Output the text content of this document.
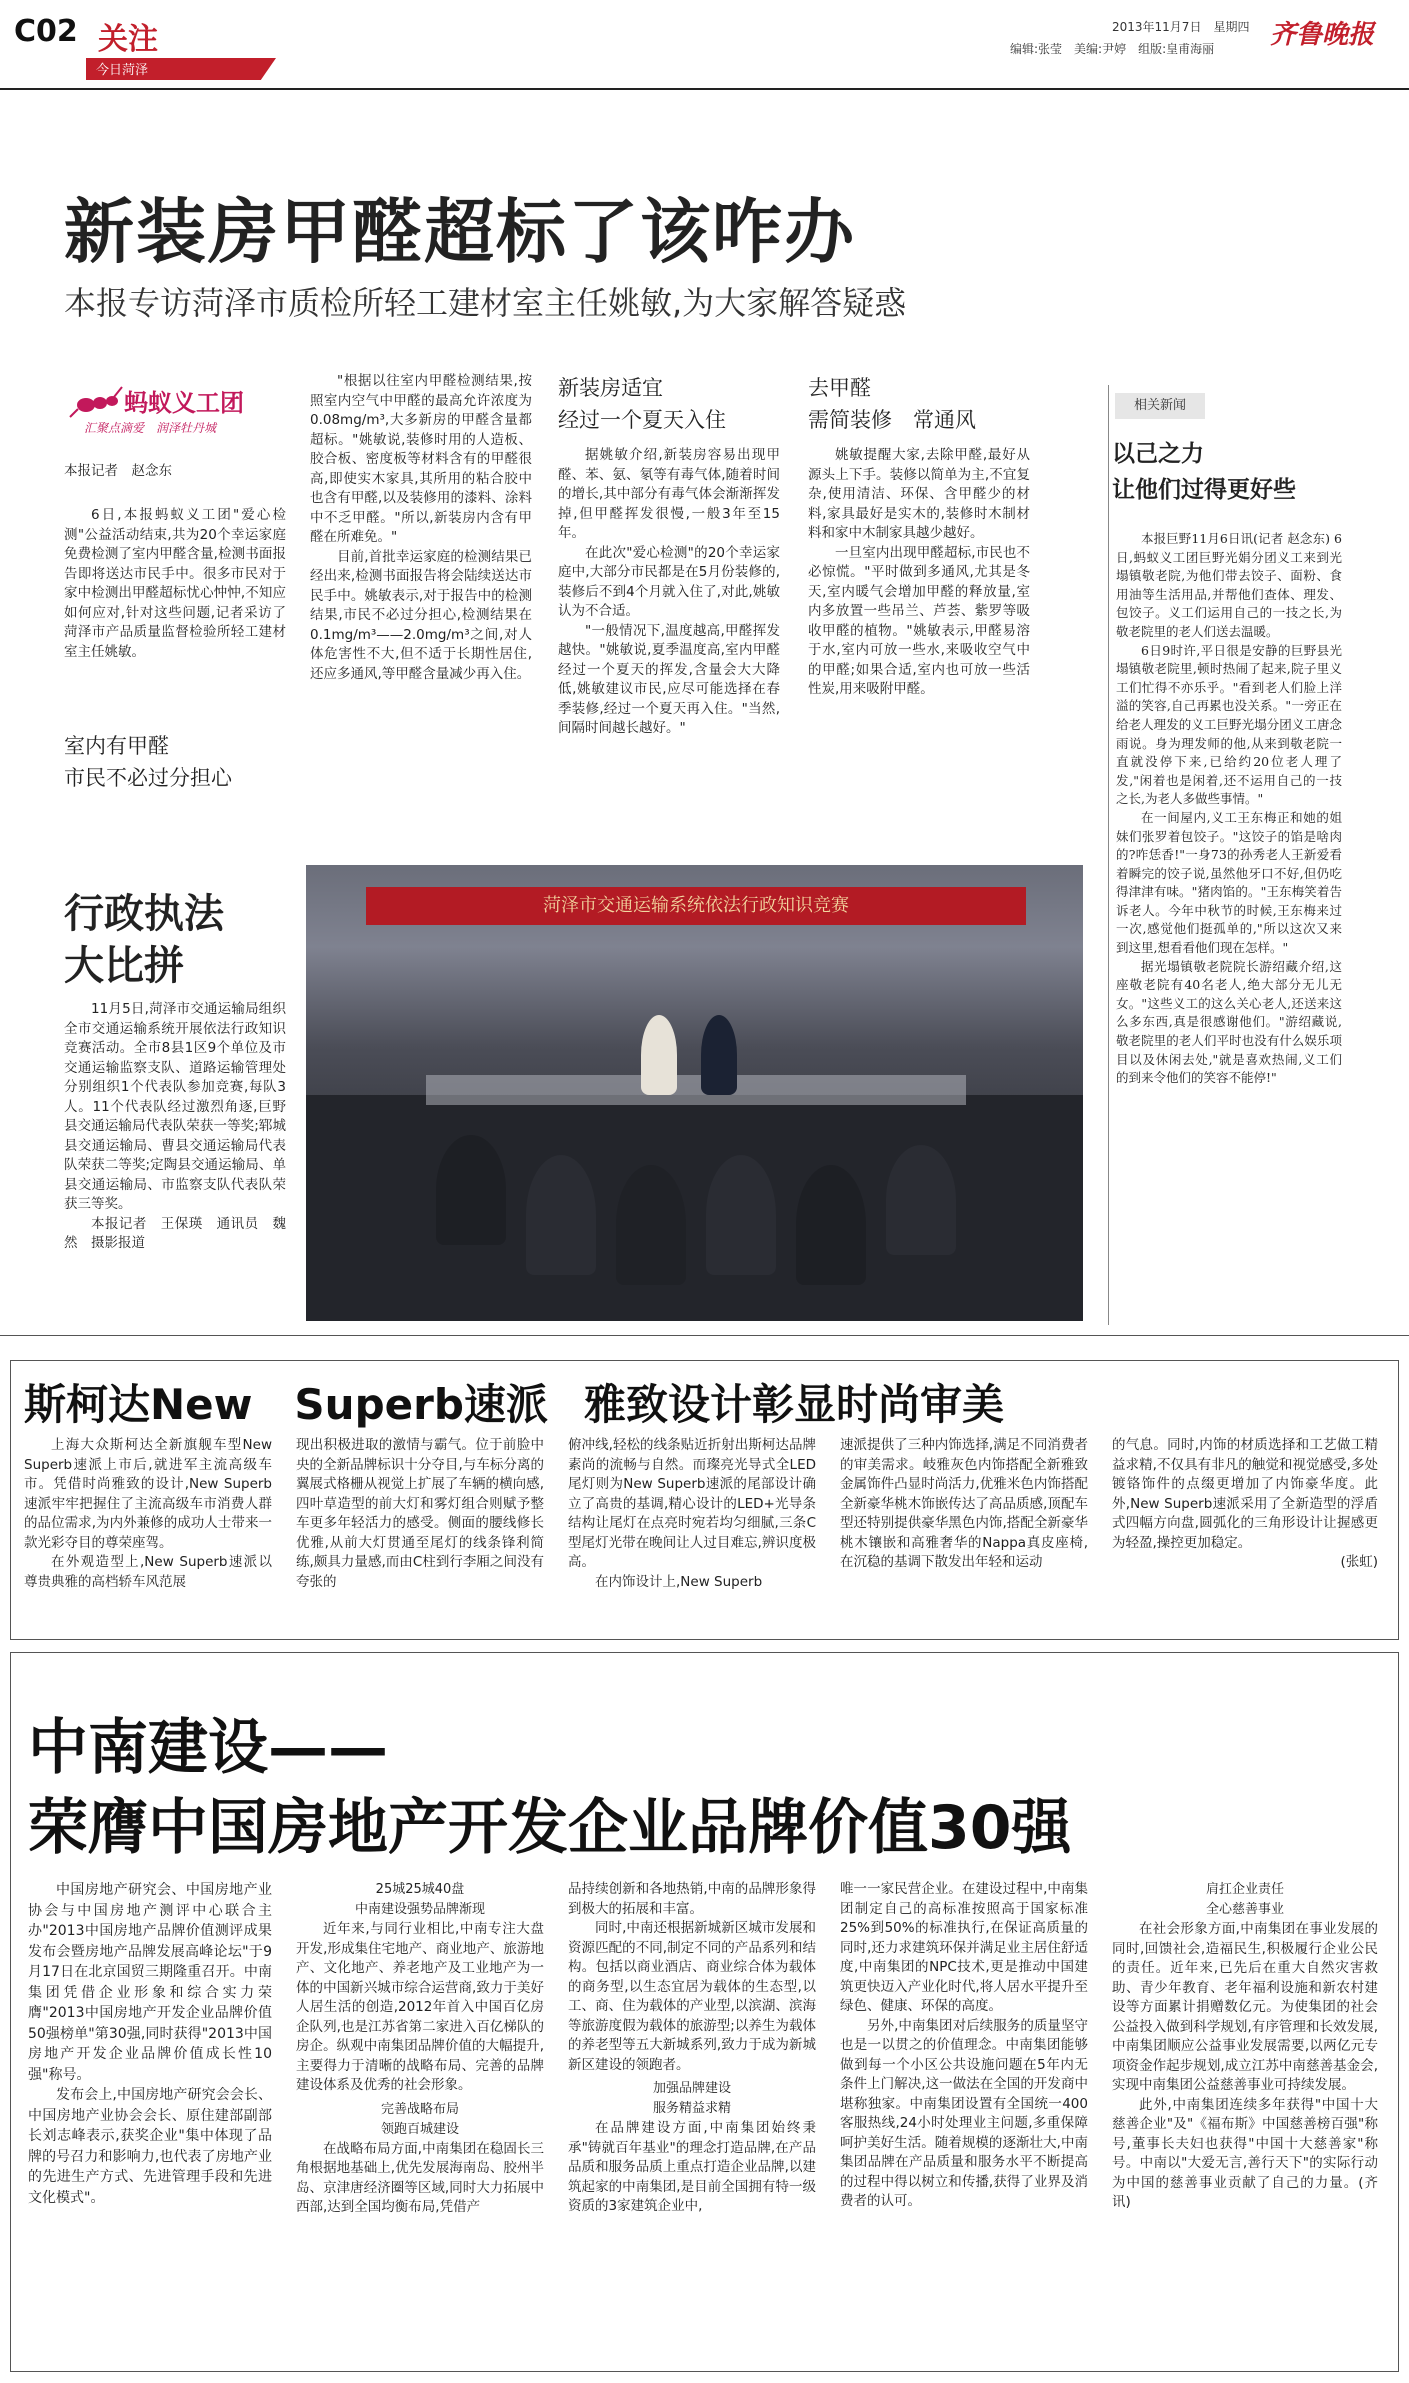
C02 关注
今日菏泽
2013年11月7日　星期四
编辑:张莹　美编:尹婷　组版:皇甫海丽 齐鲁晚报
新装房甲醛超标了该咋办
本报专访菏泽市质检所轻工建材室主任姚敏,为大家解答疑惑
蚂蚁义工团
汇聚点滴爱　润泽牡丹城
本报记者　赵念东

6日,本报蚂蚁义工团"爱心检测"公益活动结束,共为20个幸运家庭免费检测了室内甲醛含量,检测书面报告即将送达市民手中。很多市民对于家中检测出甲醛超标忧心忡忡,不知应如何应对,针对这些问题,记者采访了菏泽市产品质量监督检验所轻工建材室主任姚敏。

室内有甲醛
市民不必过分担心

"根据以往室内甲醛检测结果,按照室内空气中甲醛的最高允许浓度为0.08mg/m³,大多新房的甲醛含量都超标。"姚敏说,装修时用的人造板、胶合板、密度板等材料含有的甲醛很高,即使实木家具,其所用的粘合胶中也含有甲醛,以及装修用的漆料、涂料中不乏甲醛。"所以,新装房内含有甲醛在所难免。"

目前,首批幸运家庭的检测结果已经出来,检测书面报告将会陆续送达市民手中。姚敏表示,对于报告中的检测结果,市民不必过分担心,检测结果在0.1mg/m³——2.0mg/m³之间,对人体危害性不大,但不适于长期性居住,还应多通风,等甲醛含量减少再入住。

新装房适宜
经过一个夏天入住

据姚敏介绍,新装房容易出现甲醛、苯、氨、氡等有毒气体,随着时间的增长,其中部分有毒气体会渐渐挥发掉,但甲醛挥发很慢,一般3年至15年。

在此次"爱心检测"的20个幸运家庭中,大部分市民都是在5月份装修的,装修后不到4个月就入住了,对此,姚敏认为不合适。

"一般情况下,温度越高,甲醛挥发越快。"姚敏说,夏季温度高,室内甲醛经过一个夏天的挥发,含量会大大降低,姚敏建议市民,应尽可能选择在春季装修,经过一个夏天再入住。"当然,间隔时间越长越好。"

去甲醛
需简装修　常通风

姚敏提醒大家,去除甲醛,最好从源头上下手。装修以简单为主,不宜复杂,使用清洁、环保、含甲醛少的材料,家具最好是实木的,装修时木制材料和家中木制家具越少越好。

一旦室内出现甲醛超标,市民也不必惊慌。"平时做到多通风,尤其是冬天,室内暖气会增加甲醛的释放量,室内多放置一些吊兰、芦荟、紫罗等吸收甲醛的植物。"姚敏表示,甲醛易溶于水,室内可放一些水,来吸收空气中的甲醛;如果合适,室内也可放一些活性炭,用来吸附甲醛。

相关新闻
以己之力
让他们过得更好些

本报巨野11月6日讯(记者 赵念东) 6日,蚂蚁义工团巨野光娟分团义工来到光塌镇敬老院,为他们带去饺子、面粉、食用油等生活用品,并帮他们查体、理发、包饺子。义工们运用自己的一技之长,为敬老院里的老人们送去温暖。

6日9时许,平日很是安静的巨野县光塌镇敬老院里,顿时热闹了起来,院子里义工们忙得不亦乐乎。"看到老人们脸上洋溢的笑容,自己再累也没关系。"一旁正在给老人理发的义工巨野光塌分团义工唐念雨说。身为理发师的他,从来到敬老院一直就没停下来,已给约20位老人理了发,"闲着也是闲着,还不运用自己的一技之长,为老人多做些事情。"

在一间屋内,义工王东梅正和她的姐妹们张罗着包饺子。"这饺子的馅是啥肉的?咋恁香!"一身73的孙秀老人王新爱看着瞬完的饺子说,虽然他牙口不好,但仍吃得津津有味。"猪肉馅的。"王东梅笑着告诉老人。今年中秋节的时候,王东梅来过一次,感觉他们挺孤单的,"所以这次又来到这里,想看看他们现在怎样。"

据光塌镇敬老院院长游绍藏介绍,这座敬老院有40名老人,绝大部分无儿无女。"这些义工的这么关心老人,还送来这么多东西,真是很感谢他们。"游绍藏说,敬老院里的老人们平时也没有什么娱乐项目以及休闲去处,"就是喜欢热闹,义工们的到来令他们的笑容不能停!"

行政执法
大比拼

11月5日,菏泽市交通运输局组织全市交通运输系统开展依法行政知识竞赛活动。全市8县1区9个单位及市交通运输监察支队、道路运输管理处分别组织1个代表队参加竞赛,每队3人。11个代表队经过激烈角逐,巨野县交通运输局代表队荣获一等奖;郓城县交通运输局、曹县交通运输局代表队荣获二等奖;定陶县交通运输局、单县交通运输局、市监察支队代表队荣获三等奖。

本报记者　王保瑛　通讯员　魏然　摄影报道

菏泽市交通运输系统依法行政知识竞赛
斯柯达New　Superb速派 雅致设计彰显时尚审美

上海大众斯柯达全新旗舰车型New Superb速派上市后,就进军主流高级车市。凭借时尚雅致的设计,New Superb速派牢牢把握住了主流高级车市消费人群的品位需求,为内外兼修的成功人士带来一款光彩夺目的尊荣座驾。

在外观造型上,New Superb速派以尊贵典雅的高档轿车风范展

现出积极进取的激情与霸气。位于前脸中央的全新品牌标识十分夺目,与车标分离的翼展式格栅从视觉上扩展了车辆的横向感,四叶草造型的前大灯和雾灯组合则赋予整车更多年轻活力的感受。侧面的腰线修长优雅,从前大灯贯通至尾灯的线条锋利简练,颇具力量感,而由C柱到行李厢之间没有夸张的

俯冲线,轻松的线条贴近折射出斯柯达品牌素尚的流畅与自然。而璨亮光导式全LED尾灯则为New Superb速派的尾部设计确立了高贵的基调,精心设计的LED+光导条结构让尾灯在点亮时宛若均匀细腻,三条C型尾灯光带在晚间让人过目难忘,辨识度极高。

在内饰设计上,New Superb

速派提供了三种内饰选择,满足不同消费者的审美需求。岐雅灰色内饰搭配全新雅致金属饰件凸显时尚活力,优雅米色内饰搭配全新豪华桃木饰嵌传达了高品质感,顶配车型还特别提供豪华黑色内饰,搭配全新豪华桃木镶嵌和高雅奢华的Nappa真皮座椅,在沉稳的基调下散发出年轻和运动

的气息。同时,内饰的材质选择和工艺做工精益求精,不仅具有非凡的触觉和视觉感受,多处镀铬饰件的点缀更增加了内饰豪华度。此外,New Superb速派采用了全新造型的浮盾式四幅方向盘,圆弧化的三角形设计让握感更为轻盈,操控更加稳定。

(张虹)
中南建设——
荣膺中国房地产开发企业品牌价值30强

中国房地产研究会、中国房地产业协会与中国房地产测评中心联合主办"2013中国房地产品牌价值测评成果发布会暨房地产品牌发展高峰论坛"于9月17日在北京国贸三期隆重召开。中南集团凭借企业形象和综合实力荣膺"2013中国房地产开发企业品牌价值50强榜单"第30强,同时获得"2013中国房地产开发企业品牌价值成长性10强"称号。

发布会上,中国房地产研究会会长、中国房地产业协会会长、原住建部副部长刘志峰表示,获奖企业"集中体现了品牌的号召力和影响力,也代表了房地产业的先进生产方式、先进管理手段和先进文化模式"。

25城25城40盘
中南建设强势品牌渐现

近年来,与同行业相比,中南专注大盘开发,形成集住宅地产、商业地产、旅游地产、文化地产、养老地产及工业地产为一体的中国新兴城市综合运营商,致力于美好人居生活的创造,2012年首入中国百亿房企队列,也是江苏省第二家进入百亿梯队的房企。纵观中南集团品牌价值的大幅提升,主要得力于清晰的战略布局、完善的品牌建设体系及优秀的社会形象。

完善战略布局
领跑百城建设

在战略布局方面,中南集团在稳固长三角根据地基础上,优先发展海南岛、胶州半岛、京津唐经济圈等区域,同时大力拓展中西部,达到全国均衡布局,凭借产

品持续创新和各地热销,中南的品牌形象得到极大的拓展和丰富。

同时,中南还根据新城新区城市发展和资源匹配的不同,制定不同的产品系列和结构。包括以商业酒店、商业综合体为载体的商务型,以生态宜居为载体的生态型,以工、商、住为载体的产业型,以滨湖、滨海等旅游度假为载体的旅游型;以养生为载体的养老型等五大新城系列,致力于成为新城新区建设的领跑者。

加强品牌建设
服务精益求精

在品牌建设方面,中南集团始终秉承"铸就百年基业"的理念打造品牌,在产品品质和服务品质上重点打造企业品牌,以建筑起家的中南集团,是目前全国拥有特一级资质的3家建筑企业中,

唯一一家民营企业。在建设过程中,中南集团制定自己的高标准按照高于国家标准25%到50%的标准执行,在保证高质量的同时,还力求建筑环保并满足业主居住舒适度,中南集团的NPC技术,更是推动中国建筑更快迈入产业化时代,将人居水平提升至绿色、健康、环保的高度。

另外,中南集团对后续服务的质量坚守也是一以贯之的价值理念。中南集团能够做到每一个小区公共设施问题在5年内无条件上门解决,这一做法在全国的开发商中堪称独家。中南集团设置有全国统一400客服热线,24小时处理业主问题,多重保障呵护美好生活。随着规模的逐渐壮大,中南集团品牌在产品质量和服务水平不断提高的过程中得以树立和传播,获得了业界及消费者的认可。

肩扛企业责任
全心慈善事业

在社会形象方面,中南集团在事业发展的同时,回馈社会,造福民生,积极履行企业公民的责任。近年来,已先后在重大自然灾害救助、青少年教育、老年福利设施和新农村建设等方面累计捐赠数亿元。为使集团的社会公益投入做到科学规划,有序管理和长效发展,中南集团顺应公益事业发展需要,以两亿元专项资金作起步规划,成立江苏中南慈善基金会,实现中南集团公益慈善事业可持续发展。

此外,中南集团连续多年获得"中国十大慈善企业"及"《福布斯》中国慈善榜百强"称号,董事长夫妇也获得"中国十大慈善家"称号。中南以"大爱无言,善行天下"的实际行动为中国的慈善事业贡献了自己的力量。(齐讯)
